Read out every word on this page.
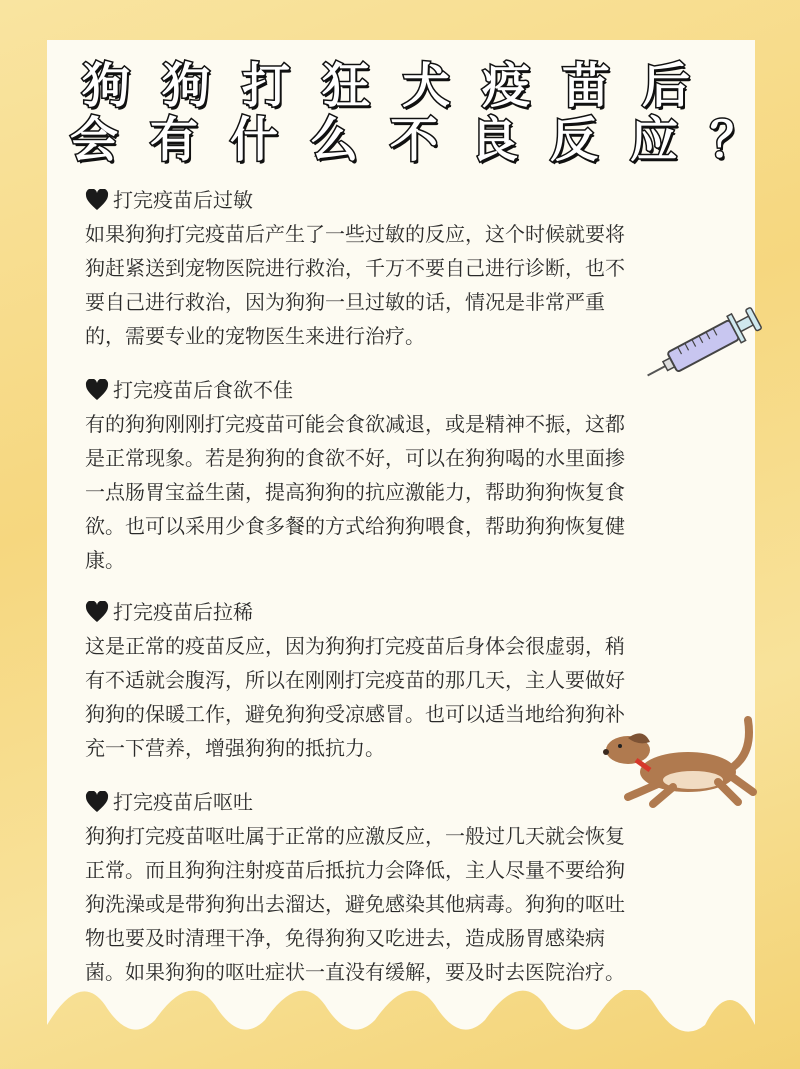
狗狗打狂犬疫苗后
会有什么不良反应？
打完疫苗后过敏
如果狗狗打完疫苗后产生了一些过敏的反应，这个时候就要将
狗赶紧送到宠物医院进行救治，千万不要自己进行诊断，也不
要自己进行救治，因为狗狗一旦过敏的话，情况是非常严重
的，需要专业的宠物医生来进行治疗。
打完疫苗后食欲不佳
有的狗狗刚刚打完疫苗可能会食欲减退，或是精神不振，这都
是正常现象。若是狗狗的食欲不好，可以在狗狗喝的水里面掺
一点肠胃宝益生菌，提高狗狗的抗应激能力，帮助狗狗恢复食
欲。也可以采用少食多餐的方式给狗狗喂食，帮助狗狗恢复健
康。
打完疫苗后拉稀
这是正常的疫苗反应，因为狗狗打完疫苗后身体会很虚弱，稍
有不适就会腹泻，所以在刚刚打完疫苗的那几天，主人要做好
狗狗的保暖工作，避免狗狗受凉感冒。也可以适当地给狗狗补
充一下营养，增强狗狗的抵抗力。
打完疫苗后呕吐
狗狗打完疫苗呕吐属于正常的应激反应，一般过几天就会恢复
正常。而且狗狗注射疫苗后抵抗力会降低，主人尽量不要给狗
狗洗澡或是带狗狗出去溜达，避免感染其他病毒。狗狗的呕吐
物也要及时清理干净，免得狗狗又吃进去，造成肠胃感染病
菌。如果狗狗的呕吐症状一直没有缓解，要及时去医院治疗。
